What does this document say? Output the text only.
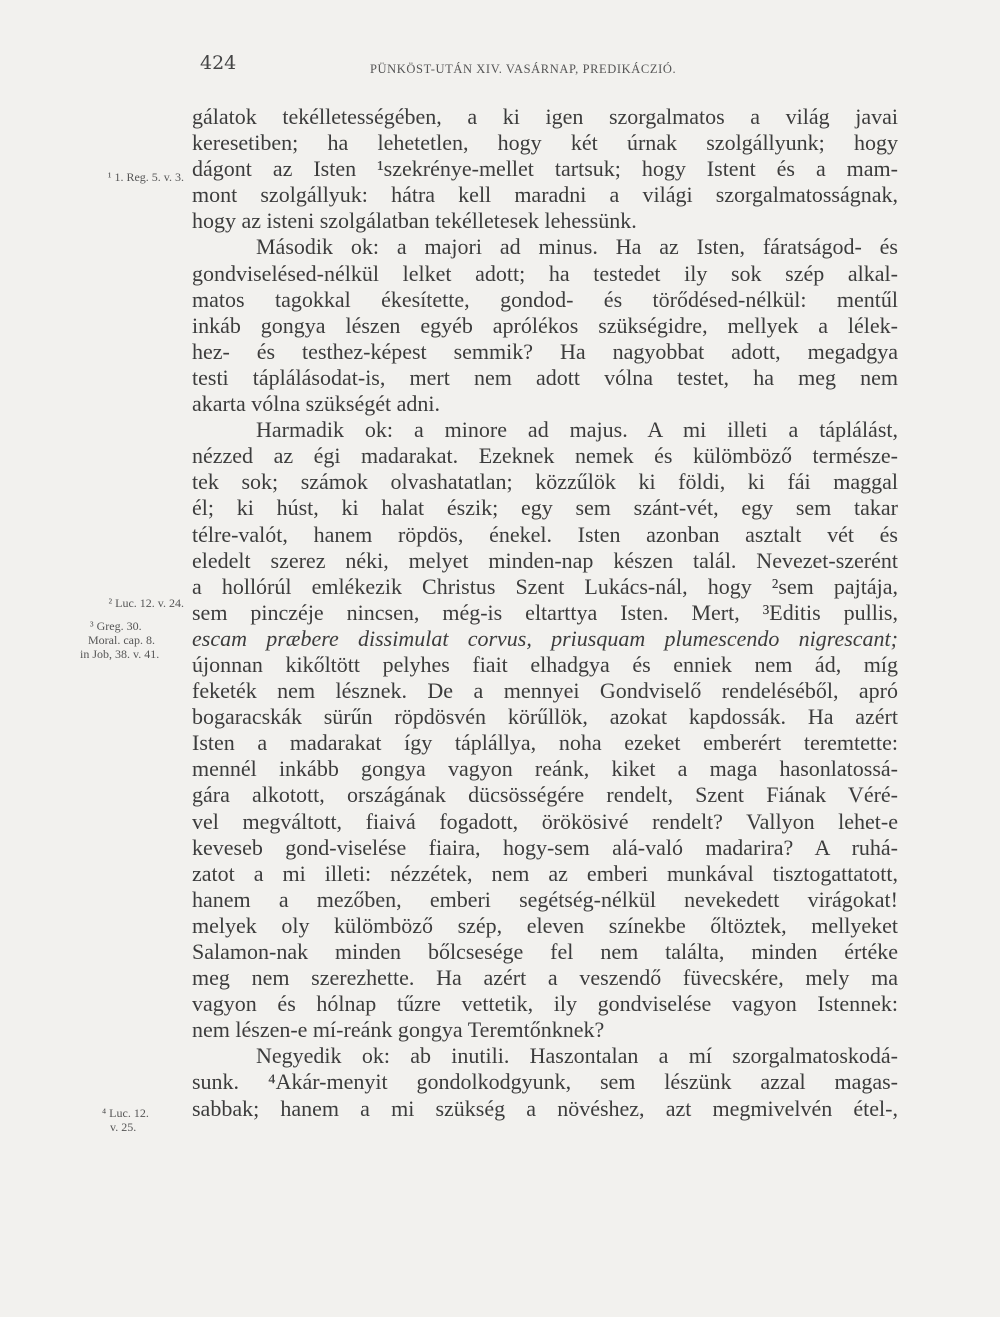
424	PÜNKÖST-UTÁN XIV. VASÁRNAP, PREDIKÁCZIÓ.
¹ 1. Reg. 5. v. 3.
² Luc. 12. v. 24.
³ Greg. 30.
Moral. cap. 8.
in Job, 38. v. 41.
⁴ Luc. 12.
v. 25.
gálatok tekélletességében, a ki igen szorgalmatos a világ javai
keresetiben; ha lehetetlen, hogy két úrnak szolgállyunk; hogy
dágont az Isten ¹szekrénye-mellet tartsuk; hogy Istent és a mam-
mont szolgállyuk: hátra kell maradni a világi szorgalmatosságnak,
hogy az isteni szolgálatban tekélletesek lehessünk.
Második ok: a majori ad minus. Ha az Isten, fáratságod- és
gondviselésed-nélkül lelket adott; ha testedet ily sok szép alkal-
matos tagokkal ékesítette, gondod- és törődésed-nélkül: mentűl
inkáb gongya lészen egyéb aprólékos szükségidre, mellyek a lélek-
hez- és testhez-képest semmik? Ha nagyobbat adott, megadgya
testi táplálásodat-is, mert nem adott vólna testet, ha meg nem
akarta vólna szükségét adni.
Harmadik ok: a minore ad majus. A mi illeti a táplálást,
nézzed az égi madarakat. Ezeknek nemek és külömböző természe-
tek sok; számok olvashatatlan; közzűlök ki földi, ki fái maggal
él; ki húst, ki halat észik; egy sem szánt-vét, egy sem takar
télre-valót, hanem röpdös, énekel. Isten azonban asztalt vét és
eledelt szerez néki, melyet minden-nap készen talál. Nevezet-szerént
a hollórúl emlékezik Christus Szent Lukács-nál, hogy ²sem pajtája,
sem pinczéje nincsen, még-is eltarttya Isten. Mert, ³Editis pullis,
escam præbere dissimulat corvus, priusquam plumescendo nigrescant;
újonnan kikőltött pelyhes fiait elhadgya és enniek nem ád, míg
feketék nem lésznek. De a mennyei Gondviselő rendeléséből, apró
bogaracskák sürűn röpdösvén körűllök, azokat kapdossák. Ha azért
Isten a madarakat így táplállya, noha ezeket emberért teremtette:
mennél inkább gongya vagyon reánk, kiket a maga hasonlatossá-
gára alkotott, országának dücsösségére rendelt, Szent Fiának Véré-
vel megváltott, fiaivá fogadott, örökösivé rendelt? Vallyon lehet-e
keveseb gond-viselése fiaira, hogy-sem alá-való madarira? A ruhá-
zatot a mi illeti: nézzétek, nem az emberi munkával tisztogattatott,
hanem a mezőben, emberi segétség-nélkül nevekedett virágokat!
melyek oly külömböző szép, eleven színekbe őltöztek, mellyeket
Salamon-nak minden bőlcsesége fel nem találta, minden értéke
meg nem szerezhette. Ha azért a veszendő füvecskére, mely ma
vagyon és hólnap tűzre vettetik, ily gondviselése vagyon Istennek:
nem lészen-e mí-reánk gongya Teremtőnknek?
Negyedik ok: ab inutili. Haszontalan a mí szorgalmatoskodá-
sunk. ⁴Akár-menyit gondolkodgyunk, sem lészünk azzal magas-
sabbak; hanem a mi szükség a növéshez, azt megmivelvén étel-,
